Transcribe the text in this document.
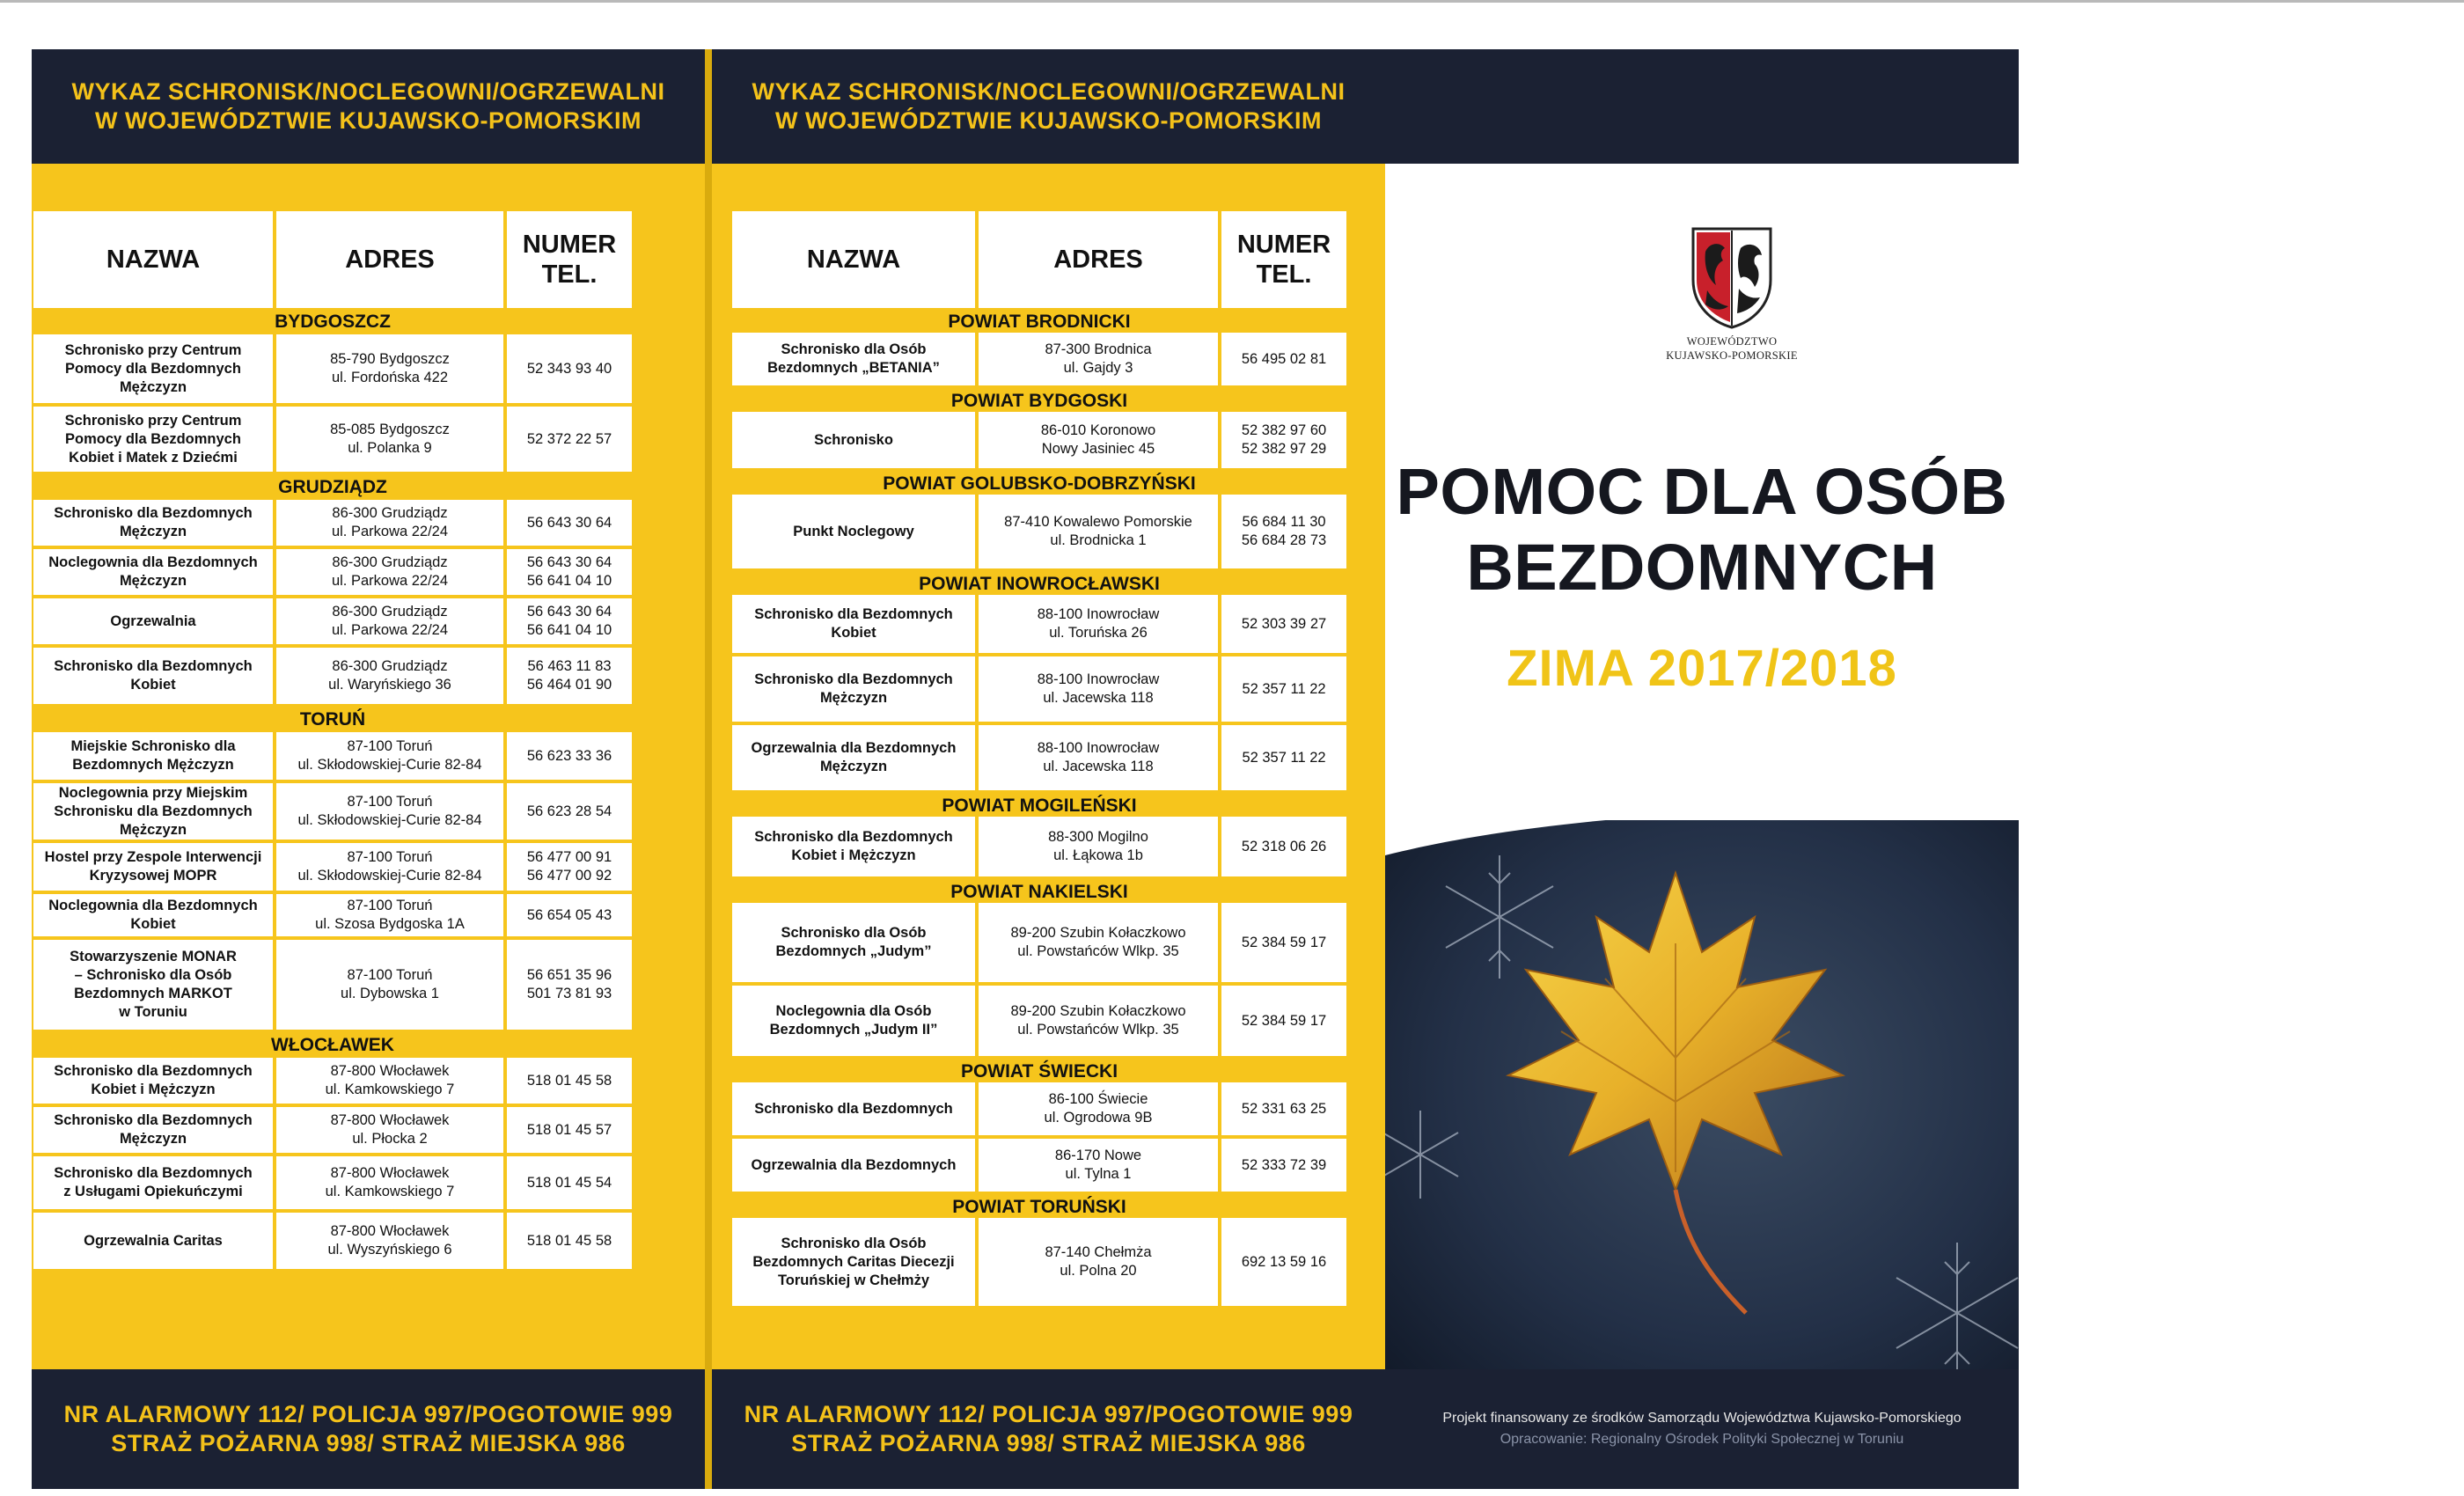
WYKAZ SCHRONISK/NOCLEGOWNI/OGRZEWALNI
W WOJEWÓDZTWIE KUJAWSKO-POMORSKIM
NAZWA	ADRES
NUMER
TEL.
BYDGOSZCZ
Schronisko przy Centrum
Pomocy dla Bezdomnych
Mężczyzn
85-790 Bydgoszcz
ul. Fordońska 422
52 343 93 40
Schronisko przy Centrum
Pomocy dla Bezdomnych
Kobiet i Matek z Dziećmi
85-085 Bydgoszcz
ul. Polanka 9
52 372 22 57
GRUDZIĄDZ
Schronisko dla Bezdomnych
Mężczyzn
86-300 Grudziądz
ul. Parkowa 22/24
56 643 30 64
Noclegownia dla Bezdomnych
Mężczyzn
86-300 Grudziądz
ul. Parkowa 22/24
56 643 30 64
56 641 04 10
Ogrzewalnia
86-300 Grudziądz
ul. Parkowa 22/24
56 643 30 64
56 641 04 10
Schronisko dla Bezdomnych
Kobiet
86-300 Grudziądz
ul. Waryńskiego 36
56 463 11 83
56 464 01 90
TORUŃ
Miejskie Schronisko dla
Bezdomnych Mężczyzn
87-100 Toruń
ul. Skłodowskiej-Curie 82-84
56 623 33 36
Noclegownia przy Miejskim
Schronisku dla Bezdomnych
Mężczyzn
87-100 Toruń
ul. Skłodowskiej-Curie 82-84
56 623 28 54
Hostel przy Zespole Interwencji
Kryzysowej MOPR
87-100 Toruń
ul. Skłodowskiej-Curie 82-84
56 477 00 91
56 477 00 92
Noclegownia dla Bezdomnych
Kobiet
87-100 Toruń
ul. Szosa Bydgoska 1A
56 654 05 43
Stowarzyszenie MONAR
– Schronisko dla Osób
Bezdomnych MARKOT
w Toruniu
87-100 Toruń
ul. Dybowska 1
56 651 35 96
501 73 81 93
WŁOCŁAWEK
Schronisko dla Bezdomnych
Kobiet i Mężczyzn
87-800 Włocławek
ul. Kamkowskiego 7
518 01 45 58
Schronisko dla Bezdomnych
Mężczyzn
87-800 Włocławek
ul. Płocka 2
518 01 45 57
Schronisko dla Bezdomnych
z Usługami Opiekuńczymi
87-800 Włocławek
ul. Kamkowskiego 7
518 01 45 54
Ogrzewalnia Caritas
87-800 Włocławek
ul. Wyszyńskiego 6
518 01 45 58
NR ALARMOWY 112/ POLICJA 997/POGOTOWIE 999
STRAŻ POŻARNA 998/ STRAŻ MIEJSKA 986
WYKAZ SCHRONISK/NOCLEGOWNI/OGRZEWALNI
W WOJEWÓDZTWIE KUJAWSKO-POMORSKIM
NAZWA	ADRES
NUMER
TEL.
POWIAT BRODNICKI
Schronisko dla Osób
Bezdomnych „BETANIA”
87-300 Brodnica
ul. Gajdy 3
56 495 02 81
POWIAT BYDGOSKI
Schronisko
86-010 Koronowo
Nowy Jasiniec 45
52 382 97 60
52 382 97 29
POWIAT GOLUBSKO-DOBRZYŃSKI
Punkt Noclegowy
87-410 Kowalewo Pomorskie
ul. Brodnicka 1
56 684 11 30
56 684 28 73
POWIAT INOWROCŁAWSKI
Schronisko dla Bezdomnych
Kobiet
88-100 Inowrocław
ul. Toruńska 26
52 303 39 27
Schronisko dla Bezdomnych
Mężczyzn
88-100 Inowrocław
ul. Jacewska 118
52 357 11 22
Ogrzewalnia dla Bezdomnych
Mężczyzn
88-100 Inowrocław
ul. Jacewska 118
52 357 11 22
POWIAT MOGILEŃSKI
Schronisko dla Bezdomnych
Kobiet i Mężczyzn
88-300 Mogilno
ul. Łąkowa 1b
52 318 06 26
POWIAT NAKIELSKI
Schronisko dla Osób
Bezdomnych „Judym”
89-200 Szubin Kołaczkowo
ul. Powstańców Wlkp. 35
52 384 59 17
Noclegownia dla Osób
Bezdomnych „Judym II”
89-200 Szubin Kołaczkowo
ul. Powstańców Wlkp. 35
52 384 59 17
POWIAT ŚWIECKI
Schronisko dla Bezdomnych
86-100 Świecie
ul. Ogrodowa 9B
52 331 63 25
Ogrzewalnia dla Bezdomnych
86-170 Nowe
ul. Tylna 1
52 333 72 39
POWIAT TORUŃSKI
Schronisko dla Osób
Bezdomnych Caritas Diecezji
Toruńskiej w Chełmży
87-140 Chełmża
ul. Polna 20
692 13 59 16
NR ALARMOWY 112/ POLICJA 997/POGOTOWIE 999
STRAŻ POŻARNA 998/ STRAŻ MIEJSKA 986
WOJEWÓDZTWO
KUJAWSKO-POMORSKIE
POMOC DLA OSÓB
BEZDOMNYCH
ZIMA 2017/2018
Projekt finansowany ze środków Samorządu Województwa Kujawsko-Pomorskiego
Opracowanie: Regionalny Ośrodek Polityki Społecznej w Toruniu
